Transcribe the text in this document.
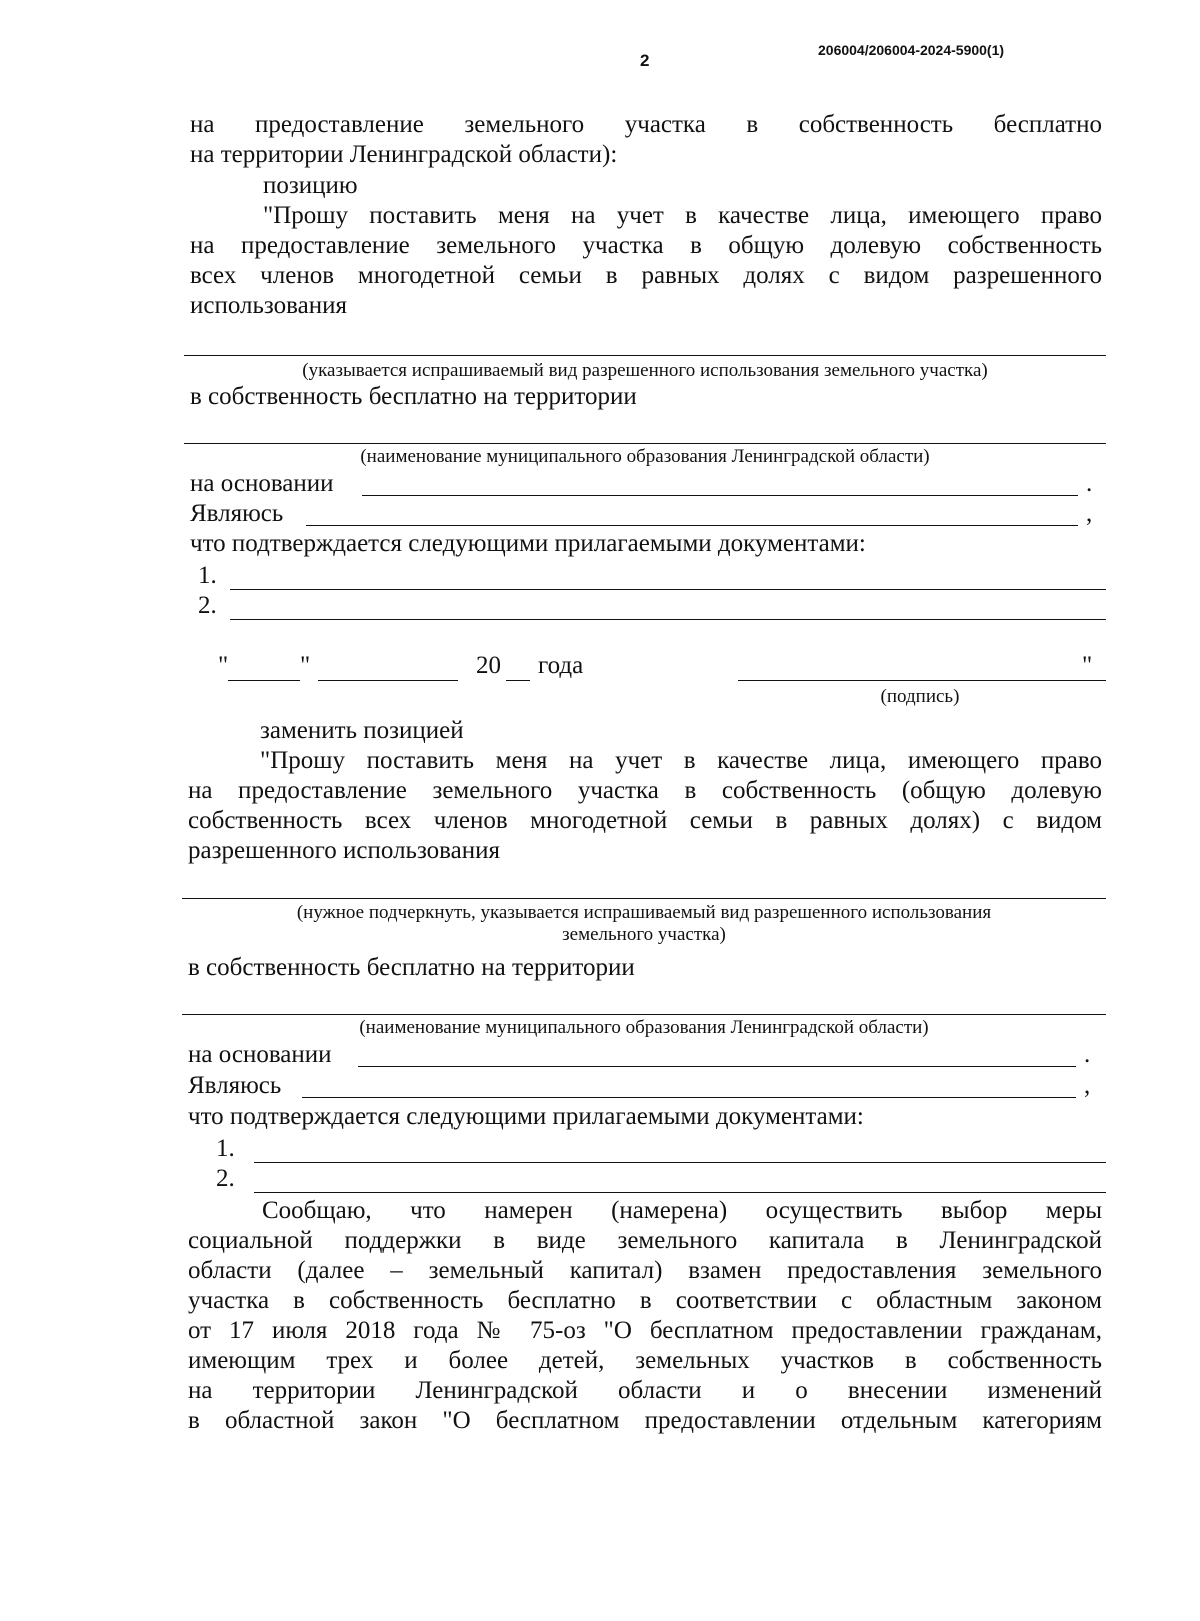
206004/206004-2024-5900(1)
2
на предоставление земельного участка в собственность бесплатно
на территории Ленинградской области):
позицию
"Прошу поставить меня на учет в качестве лица, имеющего право
на предоставление земельного участка в общую долевую собственность
всех членов многодетной семьи в равных долях с видом разрешенного
использования
(указывается испрашиваемый вид разрешенного использования земельного участка)
в собственность бесплатно на территории
(наименование муниципального образования Ленинградской области)
на основании	.
Являюсь	,
что подтверждается следующими прилагаемыми документами:
1.
2.
"	"	20 года	"
(подпись)
заменить позицией
"Прошу поставить меня на учет в качестве лица, имеющего право
на предоставление земельного участка в собственность (общую долевую
собственность всех членов многодетной семьи в равных долях) с видом
разрешенного использования
(нужное подчеркнуть, указывается испрашиваемый вид разрешенного использования
земельного участка)
в собственность бесплатно на территории
(наименование муниципального образования Ленинградской области)
на основании	.
Являюсь	,
что подтверждается следующими прилагаемыми документами:
1.
2.
Сообщаю, что намерен (намерена) осуществить выбор меры
социальной поддержки в виде земельного капитала в Ленинградской
области (далее – земельный капитал) взамен предоставления земельного
участка в собственность бесплатно в соответствии с областным законом
от 17 июля 2018 года № 75-оз "О бесплатном предоставлении гражданам,
имеющим трех и более детей, земельных участков в собственность
на территории Ленинградской области и о внесении изменений
в областной закон "О бесплатном предоставлении отдельным категориям
